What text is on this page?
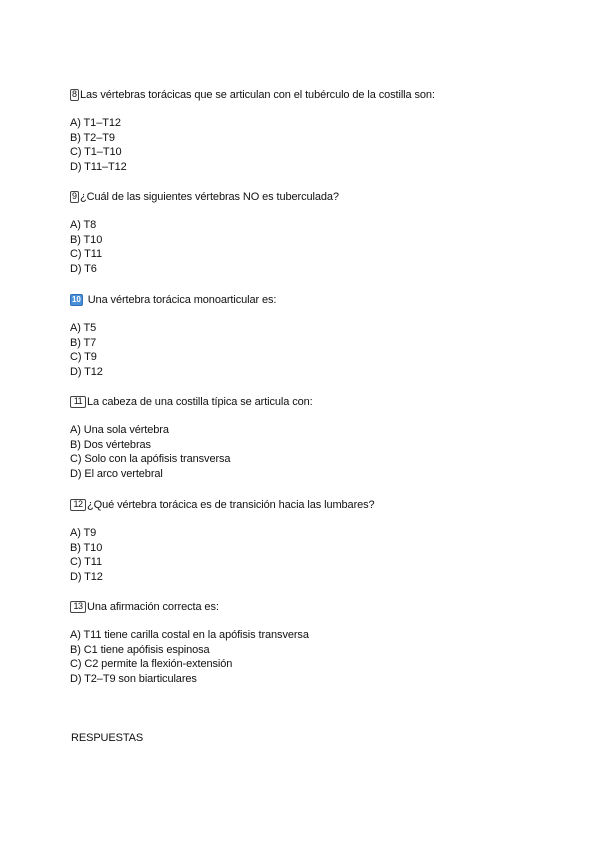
8 Las vértebras torácicas que se articulan con el tubérculo de la costilla son:
A) T1–T12
B) T2–T9
C) T1–T10
D) T11–T12
9 ¿Cuál de las siguientes vértebras NO es tuberculada?
A) T8
B) T10
C) T11
D) T6
10 Una vértebra torácica monoarticular es:
A) T5
B) T7
C) T9
D) T12
11 La cabeza de una costilla típica se articula con:
A) Una sola vértebra
B) Dos vértebras
C) Solo con la apófisis transversa
D) El arco vertebral
12 ¿Qué vértebra torácica es de transición hacia las lumbares?
A) T9
B) T10
C) T11
D) T12
13 Una afirmación correcta es:
A) T11 tiene carilla costal en la apófisis transversa
B) C1 tiene apófisis espinosa
C) C2 permite la flexión-extensión
D) T2–T9 son biarticulares
RESPUESTAS
